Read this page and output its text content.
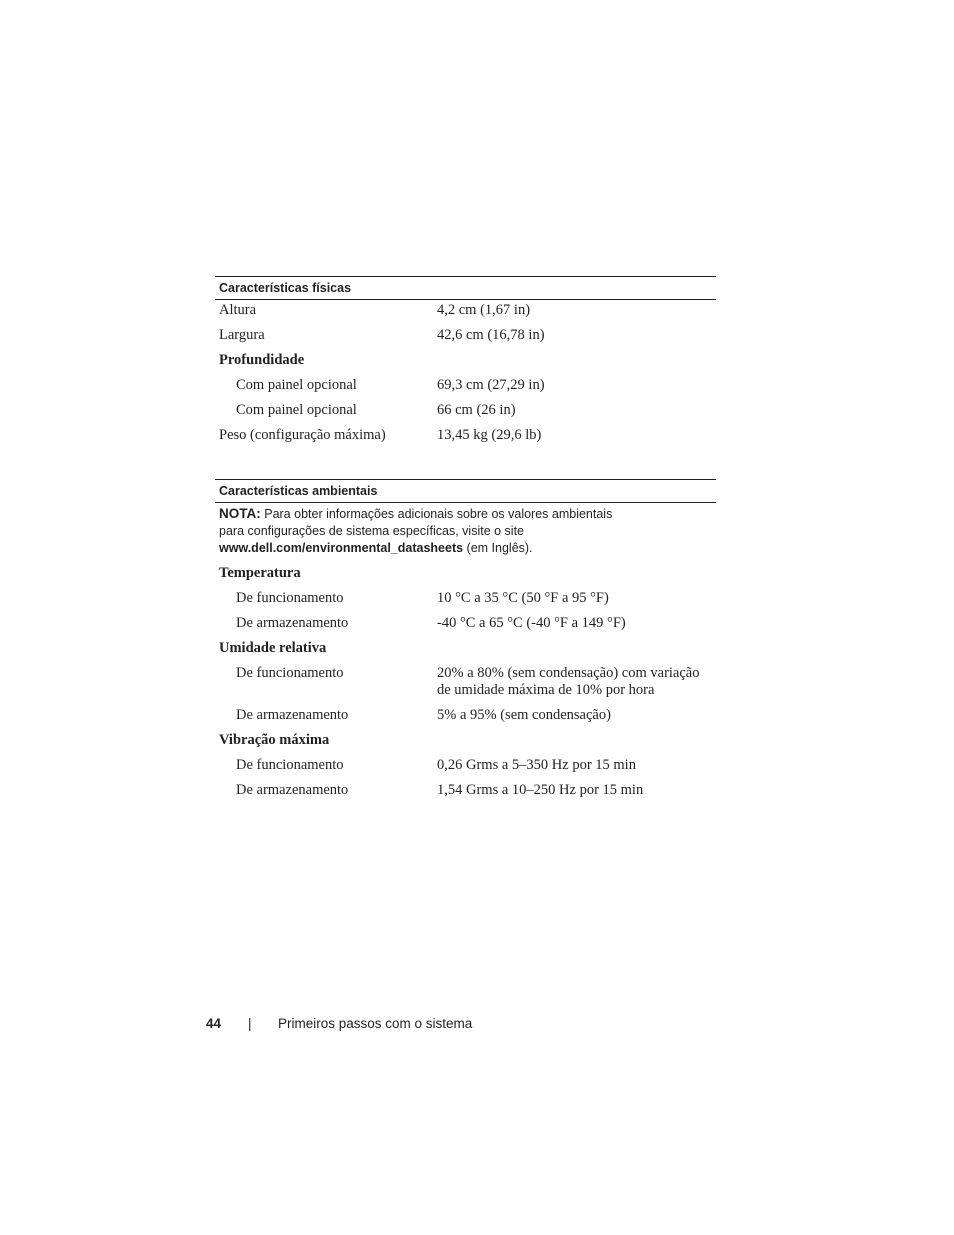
Características físicas
Altura	4,2 cm (1,67 in)
Largura	42,6 cm (16,78 in)
Profundidade
Com painel opcional	69,3 cm (27,29 in)
Com painel opcional	66 cm (26 in)
Peso (configuração máxima)	13,45 kg (29,6 lb)
Características ambientais
NOTA: Para obter informações adicionais sobre os valores ambientais
para configurações de sistema específicas, visite o site
www.dell.com/environmental_datasheets (em Inglês).
Temperatura
De funcionamento	10 °C a 35 °C (50 °F a 95 °F)
De armazenamento	-40 °C a 65 °C (-40 °F a 149 °F)
Umidade relativa
De funcionamento	20% a 80% (sem condensação) com variação
de umidade máxima de 10% por hora
De armazenamento	5% a 95% (sem condensação)
Vibração máxima
De funcionamento	0,26 Grms a 5–350 Hz por 15 min
De armazenamento	1,54 Grms a 10–250 Hz por 15 min
44 | Primeiros passos com o sistema
